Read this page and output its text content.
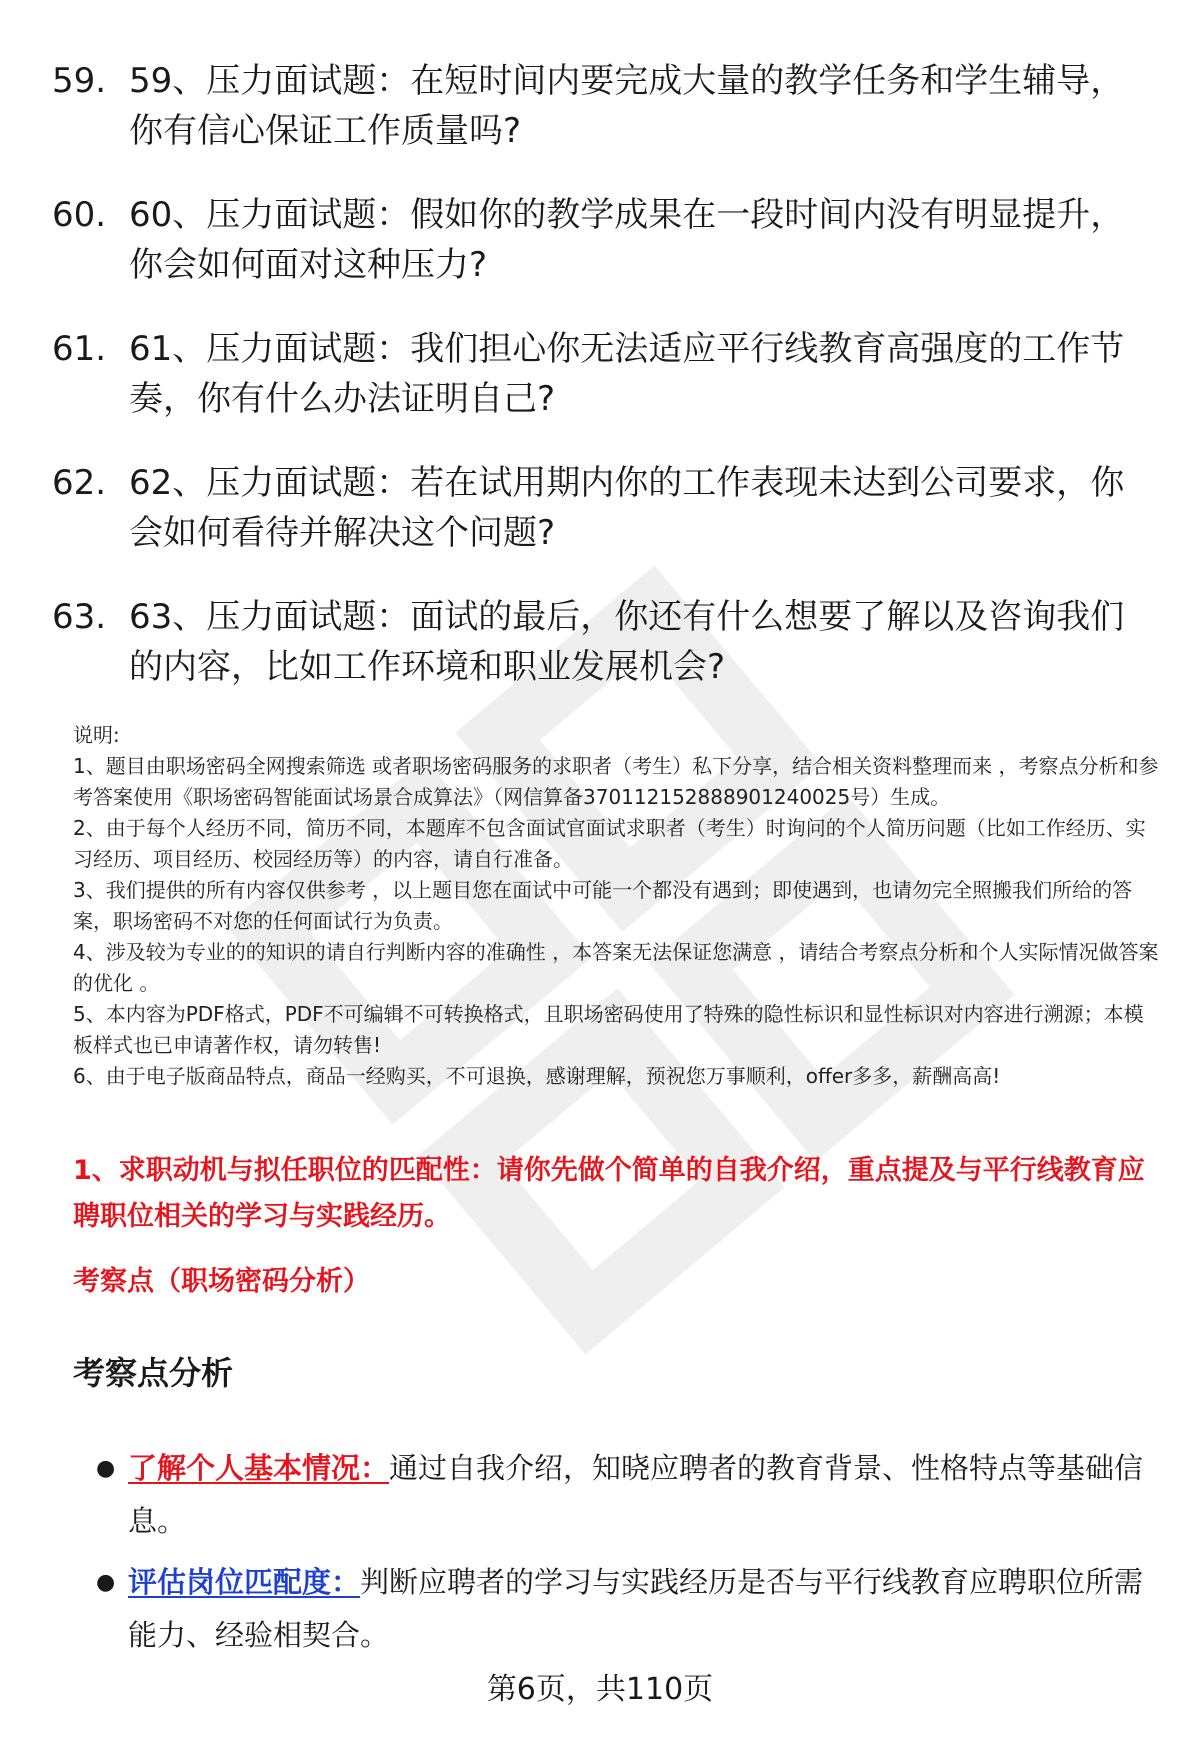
59. 59、压力面试题：在短时间内要完成大量的教学任务和学生辅导，你有信心保证工作质量吗?
60. 60、压力面试题：假如你的教学成果在一段时间内没有明显提升，你会如何面对这种压力?
61. 61、压力面试题：我们担心你无法适应平行线教育高强度的工作节奏，你有什么办法证明自己?
62. 62、压力面试题：若在试用期内你的工作表现未达到公司要求，你会如何看待并解决这个问题?
63. 63、压力面试题：面试的最后，你还有什么想要了解以及咨询我们的内容，比如工作环境和职业发展机会?

说明:

1、题目由职场密码全网搜索筛选 或者职场密码服务的求职者（考生）私下分享，结合相关资料整理而来 ，考察点分析和参考答案使用《职场密码智能面试场景合成算法》（网信算备370112152888901240025号）生成。

2、由于每个人经历不同，简历不同，本题库不包含面试官面试求职者（考生）时询问的个人简历问题（比如工作经历、实习经历、项目经历、校园经历等）的内容，请自行准备。

3、我们提供的所有内容仅供参考 ，以上题目您在面试中可能一个都没有遇到；即使遇到，也请勿完全照搬我们所给的答案，职场密码不对您的任何面试行为负责。

4、涉及较为专业的的知识的请自行判断内容的准确性 ，本答案无法保证您满意 ，请结合考察点分析和个人实际情况做答案的优化 。

5、本内容为PDF格式，PDF不可编辑不可转换格式，且职场密码使用了特殊的隐性标识和显性标识对内容进行溯源；本模板样式也已申请著作权，请勿转售!

6、由于电子版商品特点，商品一经购买，不可退换，感谢理解，预祝您万事顺利，offer多多，薪酬高高!

1、求职动机与拟任职位的匹配性：请你先做个简单的自我介绍，重点提及与平行线教育应聘职位相关的学习与实践经历。
考察点（职场密码分析）
考察点分析
● 了解个人基本情况：通过自我介绍，知晓应聘者的教育背景、性格特点等基础信息。
● 评估岗位匹配度：判断应聘者的学习与实践经历是否与平行线教育应聘职位所需能力、经验相契合。
第6页，共110页
